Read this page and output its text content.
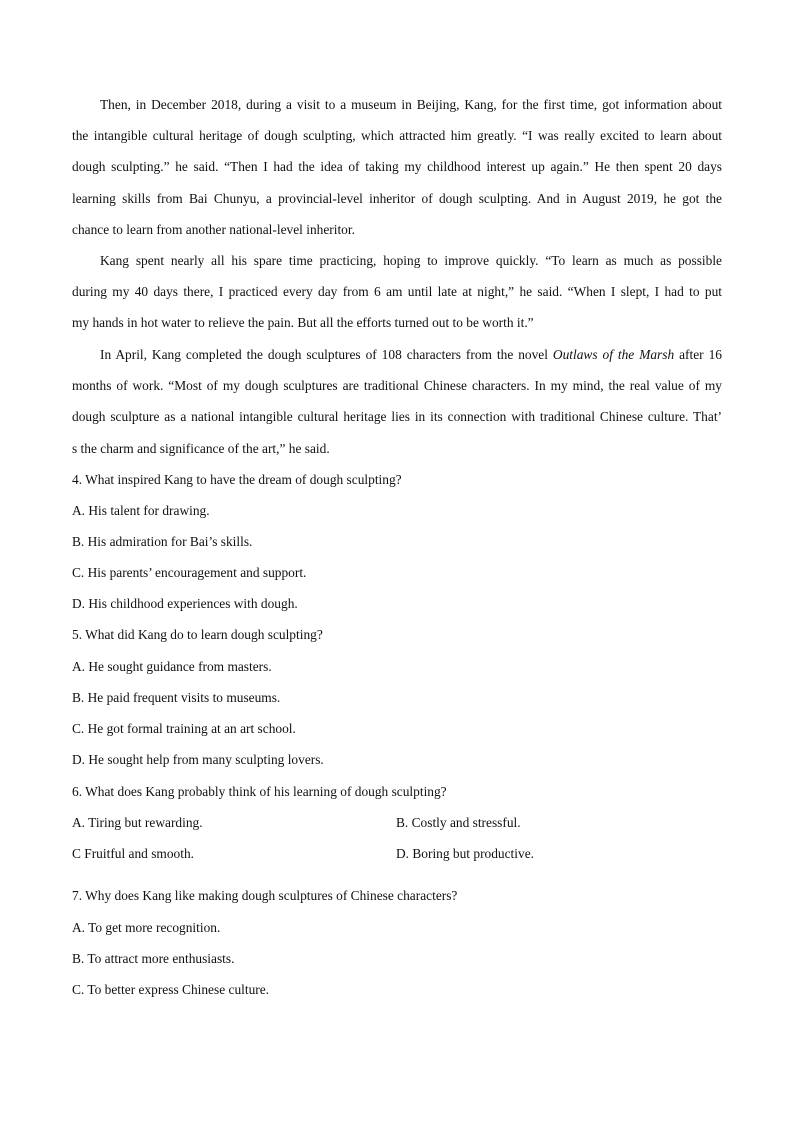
Then, in December 2018, during a visit to a museum in Beijing, Kang, for the first time, got information about
the intangible cultural heritage of dough sculpting, which attracted him greatly. “I was really excited to learn about
dough sculpting.” he said. “Then I had the idea of taking my childhood interest up again.” He then spent 20 days
learning skills from Bai Chunyu, a provincial-level inheritor of dough sculpting. And in August 2019, he got the
chance to learn from another national-level inheritor.
Kang spent nearly all his spare time practicing, hoping to improve quickly. “To learn as much as possible
during my 40 days there, I practiced every day from 6 am until late at night,” he said. “When I slept, I had to put
my hands in hot water to relieve the pain. But all the efforts turned out to be worth it.”
In April, Kang completed the dough sculptures of 108 characters from the novel Outlaws of the Marsh after 16
months of work. “Most of my dough sculptures are traditional Chinese characters. In my mind, the real value of my
dough sculpture as a national intangible cultural heritage lies in its connection with traditional Chinese culture. That’
s the charm and significance of the art,” he said.
4. What inspired Kang to have the dream of dough sculpting?
A. His talent for drawing.
B. His admiration for Bai’s skills.
C. His parents’ encouragement and support.
D. His childhood experiences with dough.
5. What did Kang do to learn dough sculpting?
A. He sought guidance from masters.
B. He paid frequent visits to museums.
C. He got formal training at an art school.
D. He sought help from many sculpting lovers.
6. What does Kang probably think of his learning of dough sculpting?
A. Tiring but rewarding.	B. Costly and stressful.
C Fruitful and smooth.	D. Boring but productive.
7. Why does Kang like making dough sculptures of Chinese characters?
A. To get more recognition.
B. To attract more enthusiasts.
C. To better express Chinese culture.
